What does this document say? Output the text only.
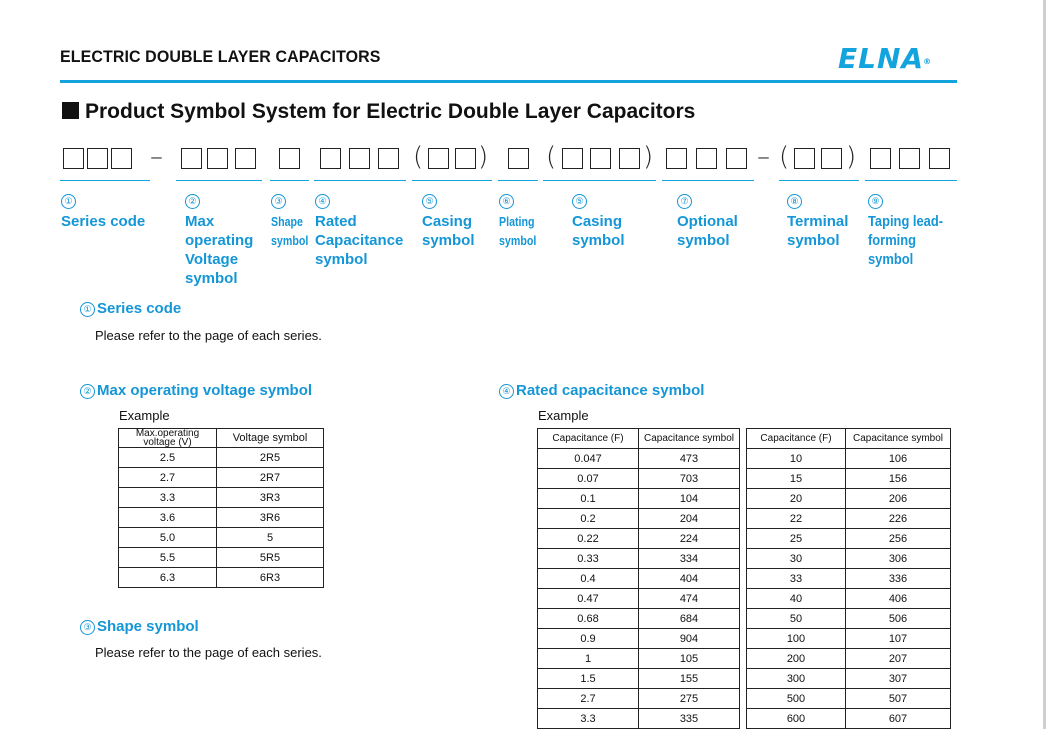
ELECTRIC DOUBLE LAYER CAPACITORS	ELNA®
Product Symbol System for Electric Double Layer Capacitors
–	( ) (	)	– ( )
①
Series code
②
Max operating Voltage symbol
③
Shape symbol
④
Rated Capacitance symbol
⑤
Casing symbol
⑥
Plating symbol
⑤
Casing symbol
⑦
Optional symbol
⑧
Terminal symbol
⑨
Taping lead-forming symbol
① Series code
Please refer to the page of each series.
② Max operating voltage symbol
Example
Max.operating voltage (V)	Voltage symbol
2.5	2R5
2.7	2R7
3.3	3R3
3.6	3R6
5.0	5
5.5	5R5
6.3	6R3
③ Shape symbol
Please refer to the page of each series.
④ Rated capacitance symbol
Example
Capacitance (F)	Capacitance symbol
0.047	473
0.07	703
0.1	104
0.2	204
0.22	224
0.33	334
0.4	404
0.47	474
0.68	684
0.9	904
1	105
1.5	155
2.7	275
3.3	335
Capacitance (F)	Capacitance symbol
10	106
15	156
20	206
22	226
25	256
30	306
33	336
40	406
50	506
100	107
200	207
300	307
500	507
600	607
